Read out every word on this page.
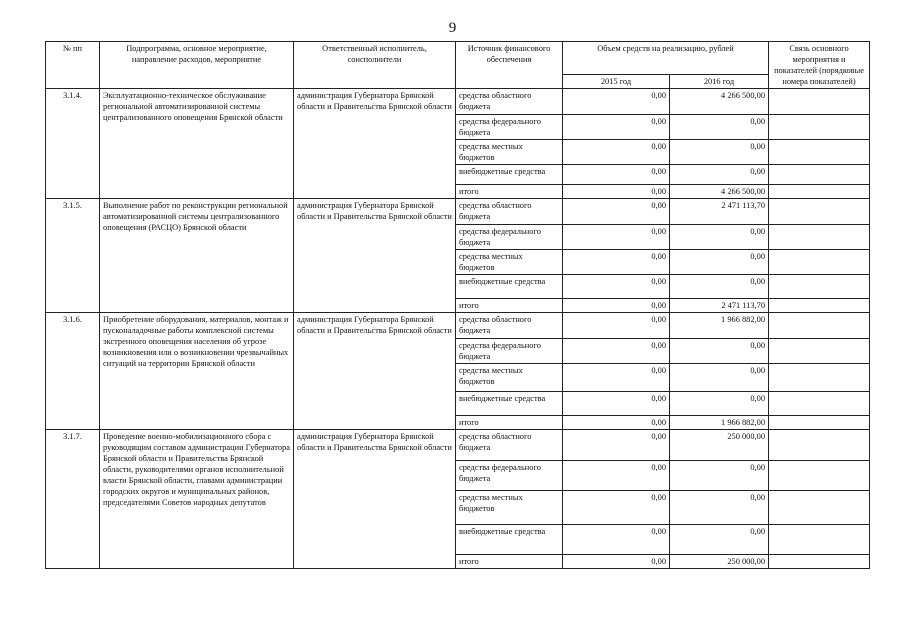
9
№ пп	Подпрограмма, основное мероприятие, направление расходов, мероприятие	Ответственный исполнитель, соисполнители	Источник финансового обеспечения	Объем средств на реализацию, рублей		Связь основного мероприятия и показателей (порядковые номера показателей)
				2015 год	2016 год	
3.1.4.	Эксплуатационно-техническое обслуживание региональной автоматизированной системы централизованного оповещения Брянской области	администрация Губернатора Брянской области и Правительства Брянской области	средства областного бюджета	0,00	4 266 500,00	
			средства федерального бюджета	0,00	0,00	
			средства местных бюджетов	0,00	0,00	
			внебюджетные средства	0,00	0,00	
			итого	0,00	4 266 500,00	
3.1.5.	Выполнение работ по реконструкции региональной автоматизированной системы централизованного оповещения (РАСЦО) Брянской области	администрация Губернатора Брянской области и Правительства Брянской области	средства областного бюджета	0,00	2 471 113,70	
			средства федерального бюджета	0,00	0,00	
			средства местных бюджетов	0,00	0,00	
			внебюджетные средства	0,00	0,00	
			итого	0,00	2 471 113,70	
3.1.6.	Приобретение оборудования, материалов, монтаж и пусконаладочные работы комплексной системы экстренного оповещения населения об угрозе возникновения или о возникновении чрезвычайных ситуаций на территории Брянской области	администрация Губернатора Брянской области и Правительства Брянской области	средства областного бюджета	0,00	1 966 882,00	
			средства федерального бюджета	0,00	0,00	
			средства местных бюджетов	0,00	0,00	
			внебюджетные средства	0,00	0,00	
			итого	0,00	1 966 882,00	
3.1.7.	Проведение военно-мобилизационного сбора с руководящим составом администрации Губернатора Брянской области и Правительства Брянской области, руководителями органов исполнительной власти Брянской области, главами администрации городских округов и муниципальных районов, председателями Советов народных депутатов	администрация Губернатора Брянской области и Правительства Брянской области	средства областного бюджета	0,00	250 000,00	
			средства федерального бюджета	0,00	0,00	
			средства местных бюджетов	0,00	0,00	
			внебюджетные средства	0,00	0,00	
			итого	0,00	250 000,00	
